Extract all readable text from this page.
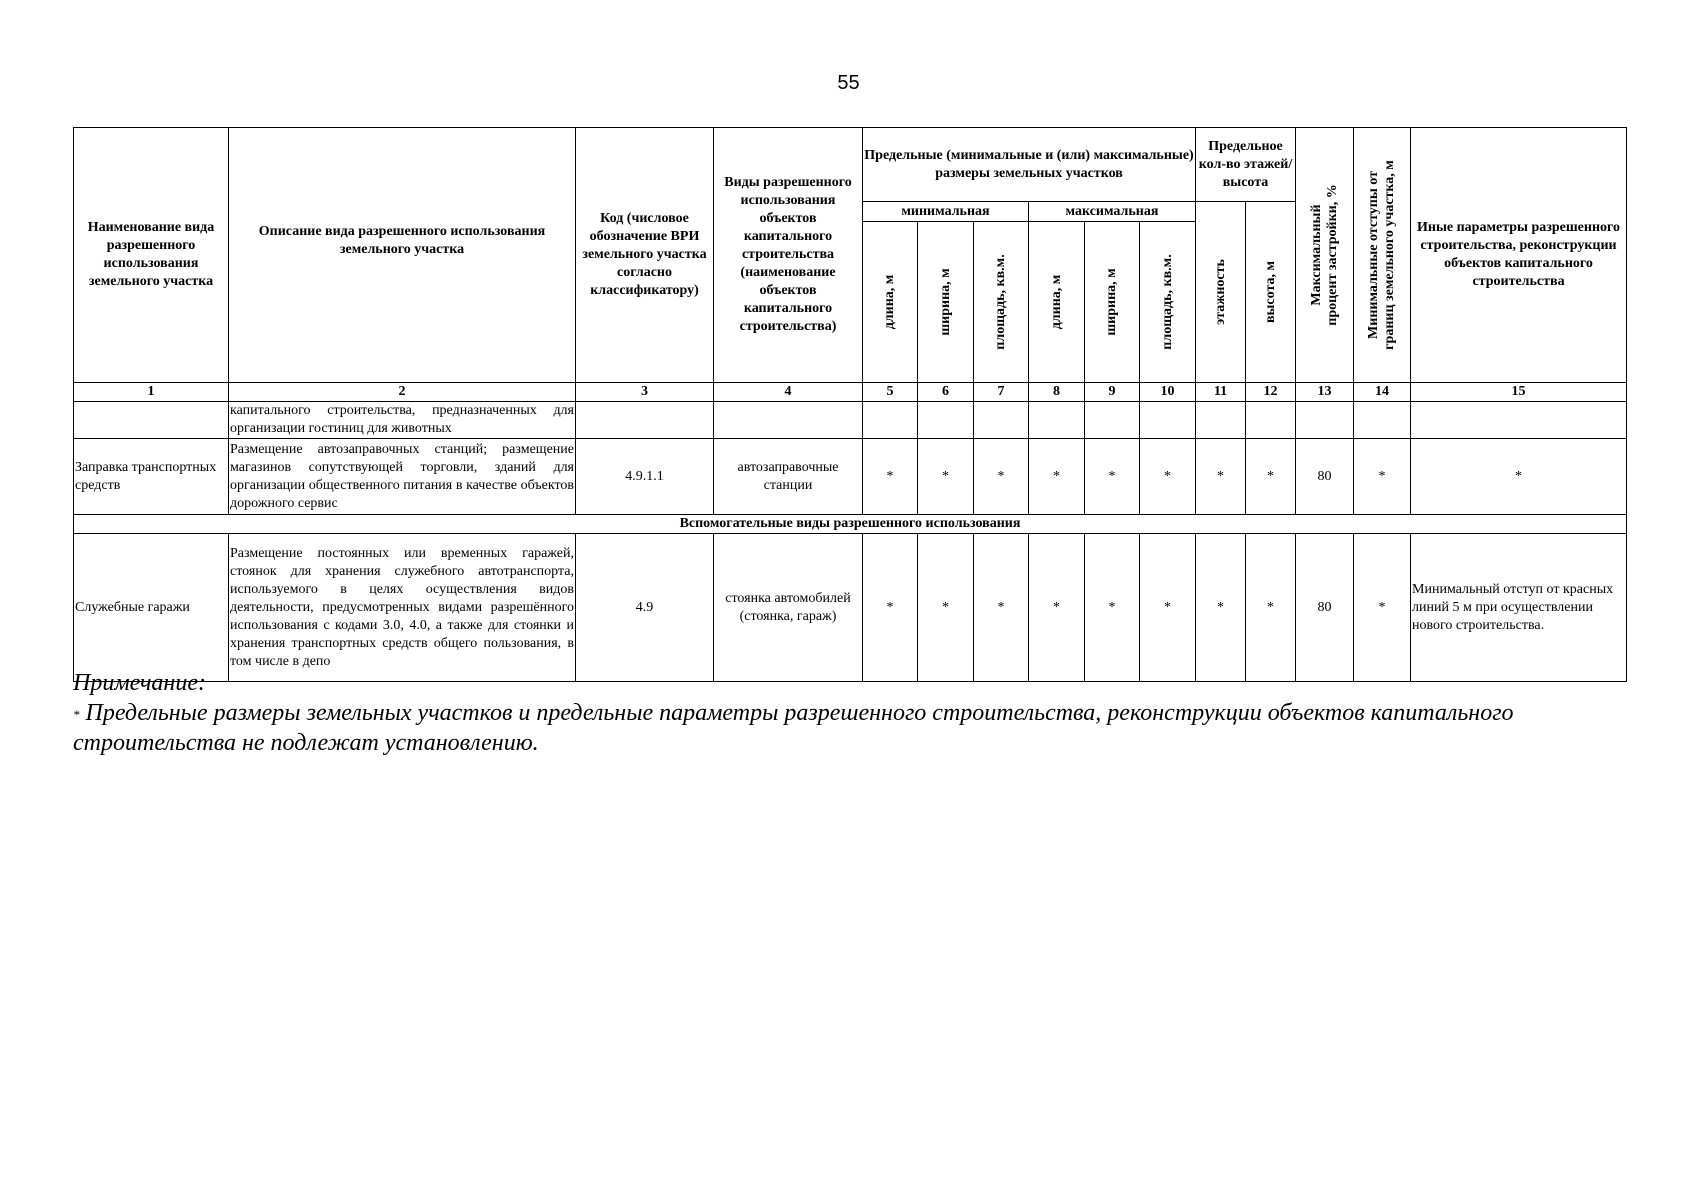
55
Наименование вида разрешенного использования земельного участка	Описание вида разрешенного использования земельного участка	Код (числовое обозначение ВРИ земельного участка согласно классификатору)	Виды разрешенного использования объектов капитального строительства (наименование объектов капитального строительства)	Предельные (минимальные и (или) максимальные) размеры земельных участков						Предельное кол-во этажей/ высота		Максимальный процент застройки, %	Минимальные отступы от границ земельного участка, м	Иные параметры разрешенного строительства, реконструкции объектов капитального строительства
				минимальная			максимальная			этажность	высота, м			

				длина, м	ширина, м	площадь, кв.м.	длина, м	ширина, м	площадь, кв.м.					

1	2	3	4	5	6	7	8	9	10	11	12	13	14	15
	капитального строительства, предназначенных для организации гостиниц для животных													
Заправка транспортных средств	Размещение автозаправочных станций; размещение магазинов сопутствующей торговли, зданий для организации общественного питания в качестве объектов дорожного сервис	4.9.1.1	автозаправочные станции	*	*	*	*	*	*	*	*	80	*	*
Вспомогательные виды разрешенного использования														
Служебные гаражи	Размещение постоянных или временных гаражей, стоянок для хранения служебного автотранспорта, используемого в целях осуществления видов деятельности, предусмотренных видами разрешённого использования с кодами 3.0, 4.0, а также для стоянки и хранения транспортных средств общего пользования, в том числе в депо	4.9	стоянка автомобилей (стоянка, гараж)	*	*	*	*	*	*	*	*	80	*	Минимальный отступ от красных линий 5 м при осуществлении нового строительства.
Примечание:
* Предельные размеры земельных участков и предельные параметры разрешенного строительства, реконструкции объектов капитального строительства не подлежат установлению.
